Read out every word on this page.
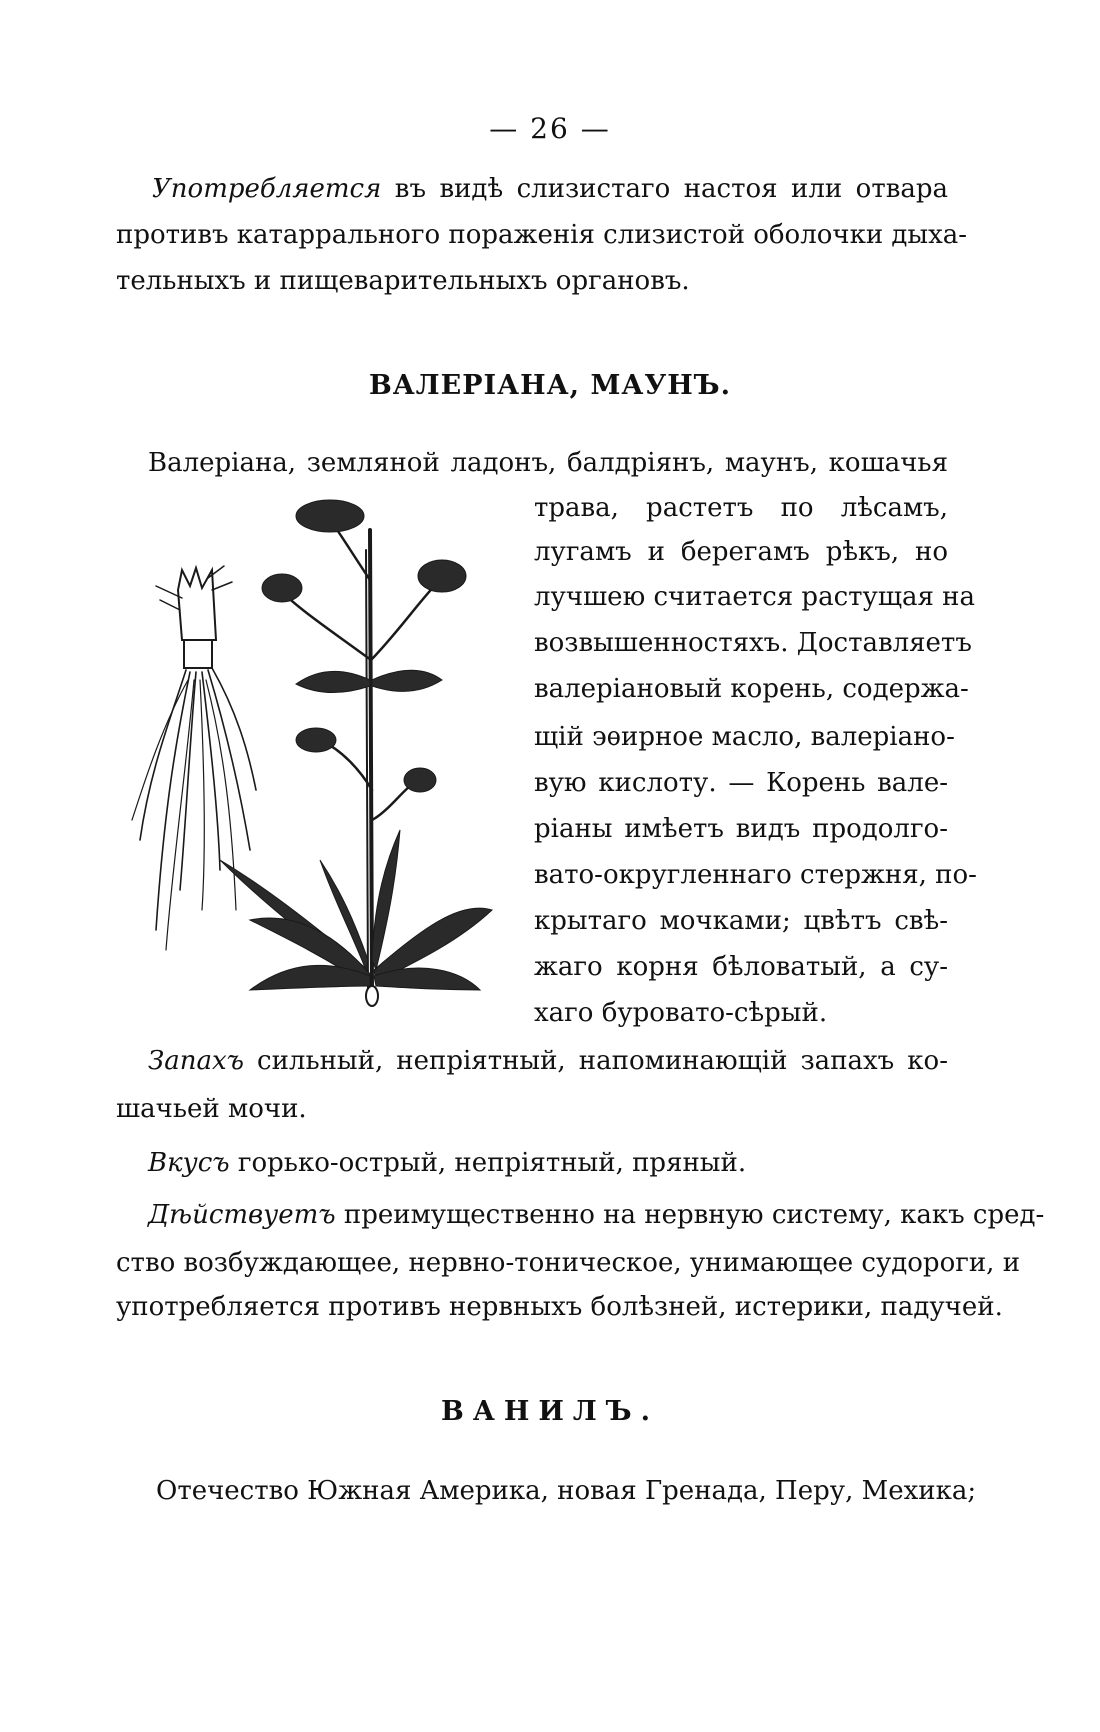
— 26 —
Употребляется въ видѣ слизистаго настоя или отвара
противъ катаррального пораженія слизистой оболочки дыха-
тельныхъ и пищеварительныхъ органовъ.
ВАЛЕРІАНА, МАУНЪ.
Валеріана, земляной ладонъ, балдріянъ, маунъ, кошачья
трава, растетъ по лѣсамъ,
лугамъ и берегамъ рѣкъ, но
лучшею считается растущая на
возвышенностяхъ. Доставляетъ
валеріановый корень, содержа-
щій эѳирное масло, валеріано-
вую кислоту. — Корень вале-
ріаны имѣетъ видъ продолго-
вато-округленнаго стержня, по-
крытаго мочками; цвѣтъ свѣ-
жаго корня бѣловатый, а су-
хаго буровато-сѣрый.
Запахъ сильный, непріятный, напоминающій запахъ ко-
шачьей мочи.
Вкусъ горько-острый, непріятный, пряный.
Дѣйствуетъ преимущественно на нервную систему, какъ сред-
ство возбуждающее, нервно-тоническое, унимающее судороги, и
употребляется противъ нервныхъ болѣзней, истерики, падучей.
ВАНИЛЪ.
Отечество Южная Америка, новая Гренада, Перу, Мехика;
